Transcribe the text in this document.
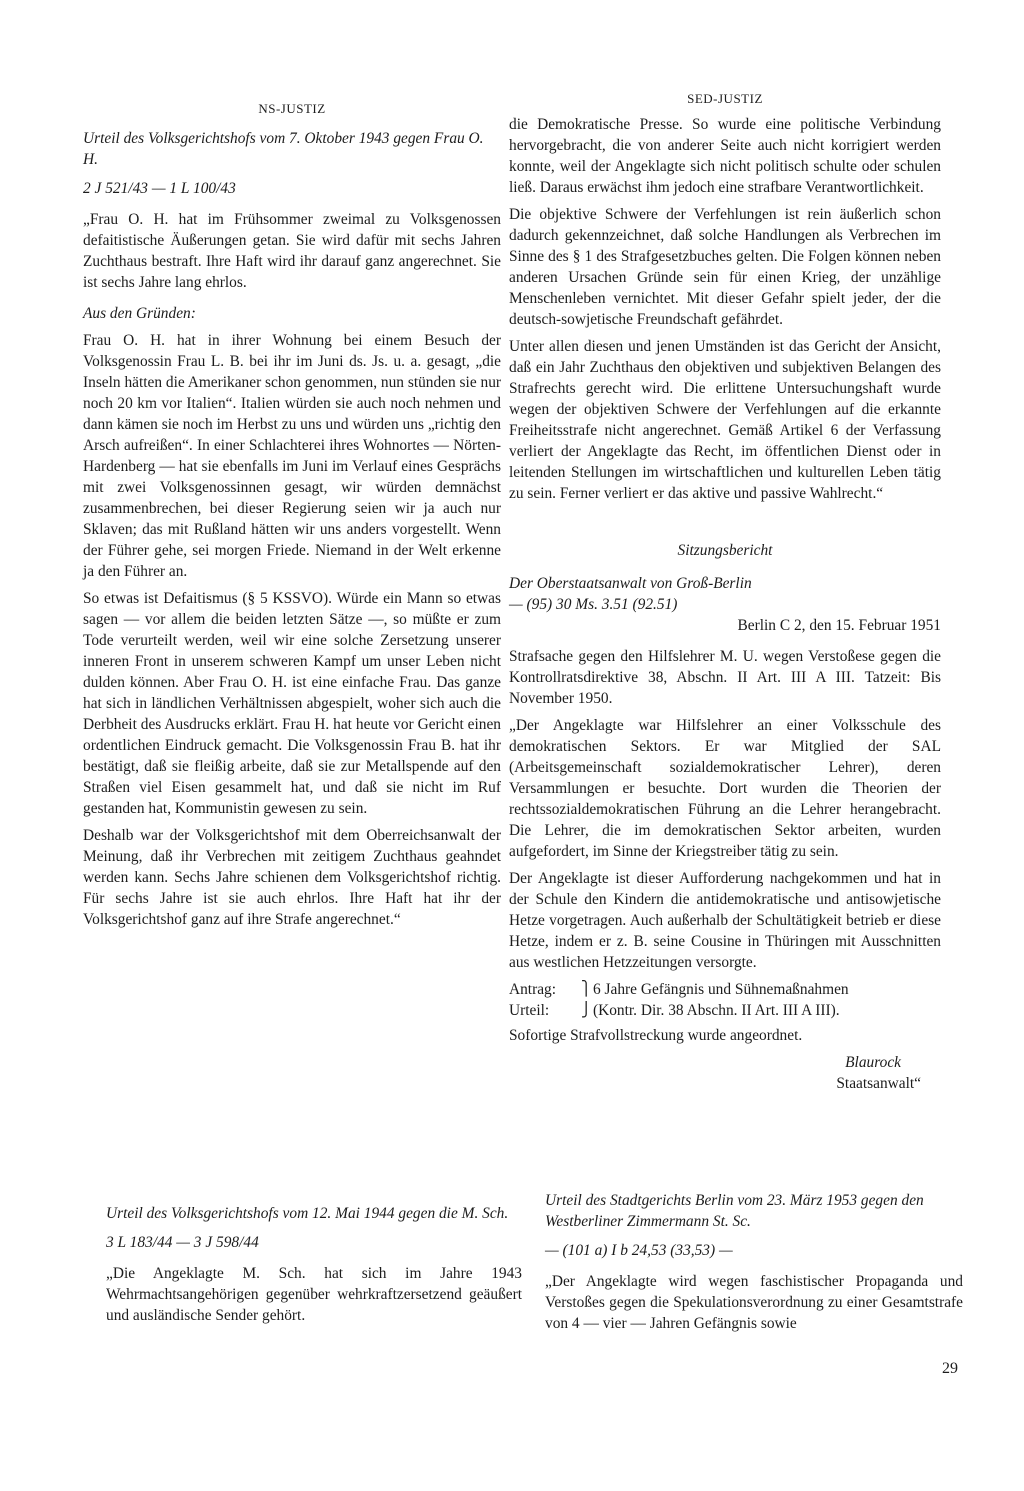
NS-JUSTIZ
Urteil des Volksgerichtshofs vom 7. Oktober 1943 gegen Frau O. H.
2 J 521/43 — 1 L 100/43

„Frau O. H. hat im Frühsommer zweimal zu Volksgenossen defaitistische Äußerungen getan. Sie wird dafür mit sechs Jahren Zuchthaus bestraft. Ihre Haft wird ihr darauf ganz angerechnet. Sie ist sechs Jahre lang ehrlos.

Aus den Gründen:

Frau O. H. hat in ihrer Wohnung bei einem Besuch der Volksgenossin Frau L. B. bei ihr im Juni ds. Js. u. a. gesagt, „die Inseln hätten die Amerikaner schon genommen, nun stünden sie nur noch 20 km vor Italien“. Italien würden sie auch noch nehmen und dann kämen sie noch im Herbst zu uns und würden uns „richtig den Arsch aufreißen“. In einer Schlachterei ihres Wohnortes — Nörten-Hardenberg — hat sie ebenfalls im Juni im Verlauf eines Gesprächs mit zwei Volksgenossinnen gesagt, wir würden demnächst zusammenbrechen, bei dieser Regierung seien wir ja auch nur Sklaven; das mit Rußland hätten wir uns anders vorgestellt. Wenn der Führer gehe, sei morgen Friede. Niemand in der Welt erkenne ja den Führer an.

So etwas ist Defaitismus (§ 5 KSSVO). Würde ein Mann so etwas sagen — vor allem die beiden letzten Sätze —, so müßte er zum Tode verurteilt werden, weil wir eine solche Zersetzung unserer inneren Front in unserem schweren Kampf um unser Leben nicht dulden können. Aber Frau O. H. ist eine einfache Frau. Das ganze hat sich in ländlichen Verhältnissen abgespielt, woher sich auch die Derbheit des Ausdrucks erklärt. Frau H. hat heute vor Gericht einen ordentlichen Eindruck gemacht. Die Volksgenossin Frau B. hat ihr bestätigt, daß sie fleißig arbeite, daß sie zur Metallspende auf den Straßen viel Eisen gesammelt hat, und daß sie nicht im Ruf gestanden hat, Kommunistin gewesen zu sein.

Deshalb war der Volksgerichtshof mit dem Oberreichsanwalt der Meinung, daß ihr Verbrechen mit zeitigem Zuchthaus geahndet werden kann. Sechs Jahre schienen dem Volksgerichtshof richtig. Für sechs Jahre ist sie auch ehrlos. Ihre Haft hat ihr der Volksgerichtshof ganz auf ihre Strafe angerechnet.“

SED-JUSTIZ

die Demokratische Presse. So wurde eine politische Verbindung hervorgebracht, die von anderer Seite auch nicht korrigiert werden konnte, weil der Angeklagte sich nicht politisch schulte oder schulen ließ. Daraus erwächst ihm jedoch eine strafbare Verantwortlichkeit.

Die objektive Schwere der Verfehlungen ist rein äußerlich schon dadurch gekennzeichnet, daß solche Handlungen als Verbrechen im Sinne des § 1 des Strafgesetzbuches gelten. Die Folgen können neben anderen Ursachen Gründe sein für einen Krieg, der unzählige Menschenleben vernichtet. Mit dieser Gefahr spielt jeder, der die deutsch-sowjetische Freundschaft gefährdet.

Unter allen diesen und jenen Umständen ist das Gericht der Ansicht, daß ein Jahr Zuchthaus den objektiven und subjektiven Belangen des Strafrechts gerecht wird. Die erlittene Untersuchungshaft wurde wegen der objektiven Schwere der Verfehlungen auf die erkannte Freiheitsstrafe nicht angerechnet. Gemäß Artikel 6 der Verfassung verliert der Angeklagte das Recht, im öffentlichen Dienst oder in leitenden Stellungen im wirtschaftlichen und kulturellen Leben tätig zu sein. Ferner verliert er das aktive und passive Wahlrecht.“

Sitzungsbericht

Der Oberstaatsanwalt von Groß-Berlin

— (95) 30 Ms. 3.51 (92.51)

Berlin C 2, den 15. Februar 1951

Strafsache gegen den Hilfslehrer M. U. wegen Verstoßese gegen die Kontrollratsdirektive 38, Abschn. II Art. III A III. Tatzeit: Bis November 1950.

„Der Angeklagte war Hilfslehrer an einer Volksschule des demokratischen Sektors. Er war Mitglied der SAL (Arbeitsgemeinschaft sozialdemokratischer Lehrer), deren Versammlungen er besuchte. Dort wurden die Theorien der rechtssozialdemokratischen Führung an die Lehrer herangebracht. Die Lehrer, die im demokratischen Sektor arbeiten, wurden aufgefordert, im Sinne der Kriegstreiber tätig zu sein.

Der Angeklagte ist dieser Aufforderung nachgekommen und hat in der Schule den Kindern die antidemokratische und antisowjetische Hetze vorgetragen. Auch außerhalb der Schultätigkeit betrieb er diese Hetze, indem er z. B. seine Cousine in Thüringen mit Ausschnitten aus westlichen Hetzzeitungen versorgte.

Antrag:	⎫ 6 Jahre Gefängnis und Sühnemaßnahmen
Urteil:	⎭ (Kontr. Dir. 38 Abschn. II Art. III A III).

Sofortige Strafvollstreckung wurde angeordnet.

Blaurock

Staatsanwalt“

Urteil des Volksgerichtshofs vom 12. Mai 1944 gegen die M. Sch.
3 L 183/44 — 3 J 598/44

„Die Angeklagte M. Sch. hat sich im Jahre 1943 Wehrmachtsangehörigen gegenüber wehrkraftzersetzend geäußert und ausländische Sender gehört.

Urteil des Stadtgerichts Berlin vom 23. März 1953 gegen den Westberliner Zimmermann St. Sc.
— (101 a) I b 24,53 (33,53) —

„Der Angeklagte wird wegen faschistischer Propaganda und Verstoßes gegen die Spekulationsverordnung zu einer Gesamtstrafe von 4 — vier — Jahren Gefängnis sowie

29
